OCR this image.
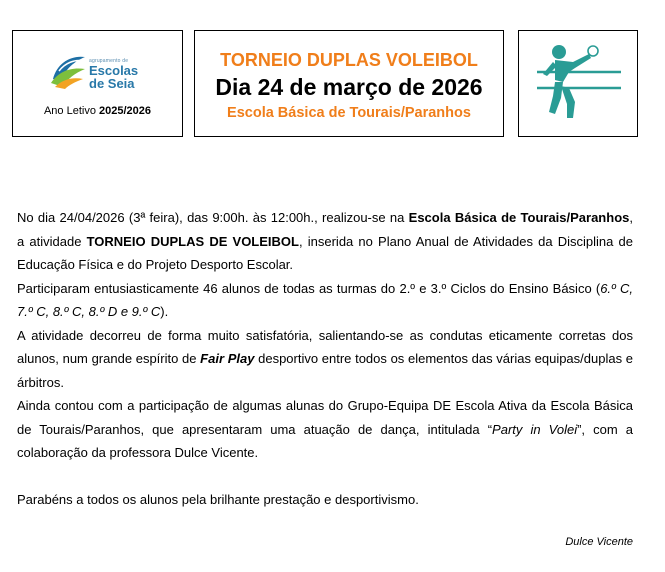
agrupamento de
Escolas
de Seia
Ano Letivo 2025/2026
TORNEIO DUPLAS VOLEIBOL
Dia 24 de março de 2026
Escola Básica de Tourais/Paranhos

No dia 24/04/2026 (3ª feira), das 9:00h. às 12:00h., realizou-se na Escola Básica de Tourais/Paranhos, a atividade TORNEIO DUPLAS DE VOLEIBOL, inserida no Plano Anual de Atividades da Disciplina de Educação Física e do Projeto Desporto Escolar.

Participaram entusiasticamente 46 alunos de todas as turmas do 2.º e 3.º Ciclos do Ensino Básico (6.º C, 7.º C, 8.º C, 8.º D e 9.º C).

A atividade decorreu de forma muito satisfatória, salientando-se as condutas eticamente corretas dos alunos, num grande espírito de Fair Play desportivo entre todos os elementos das várias equipas/duplas e árbitros.

Ainda contou com a participação de algumas alunas do Grupo-Equipa DE Escola Ativa da Escola Básica de Tourais/Paranhos, que apresentaram uma atuação de dança, intitulada “Party in Volei”, com a colaboração da professora Dulce Vicente.

Parabéns a todos os alunos pela brilhante prestação e desportivismo.

Dulce Vicente
